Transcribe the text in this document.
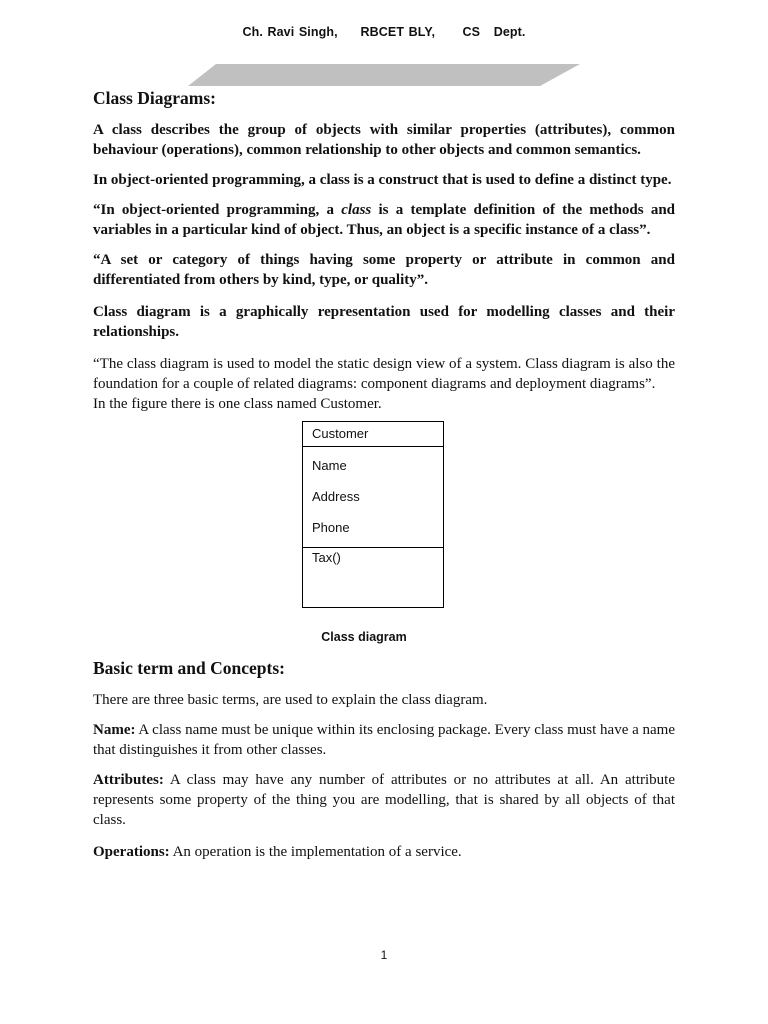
Ch. Ravi Singh, RBCET BLY, CS   Dept.
Class Diagrams:

A class describes the group of objects with similar properties (attributes), common behaviour (operations), common relationship to other objects and common semantics.

In object-oriented programming, a class is a construct that is used to define a distinct type.

“In object-oriented programming, a class is a template definition of the methods and variables in a particular kind of object. Thus, an object is a specific instance of a class”.

“A set or category of things having some property or attribute in common and differentiated from others by kind, type, or quality”.

Class diagram is a graphically representation used for modelling classes and their relationships.

“The class diagram is used to model the static design view of a system. Class diagram is also the foundation for a couple of related diagrams: component diagrams and deployment diagrams”.

In the figure there is one class named Customer.

Customer
Name
Address
Phone
Tax()
Class diagram
Basic term and Concepts:

There are three basic terms, are used to explain the class diagram.

Name: A class name must be unique within its enclosing package. Every class must have a name that distinguishes it from other classes.

Attributes: A class may have any number of attributes or no attributes at all. An attribute represents some property of the thing you are modelling, that is shared by all objects of that class.

Operations: An operation is the implementation of a service.

1
